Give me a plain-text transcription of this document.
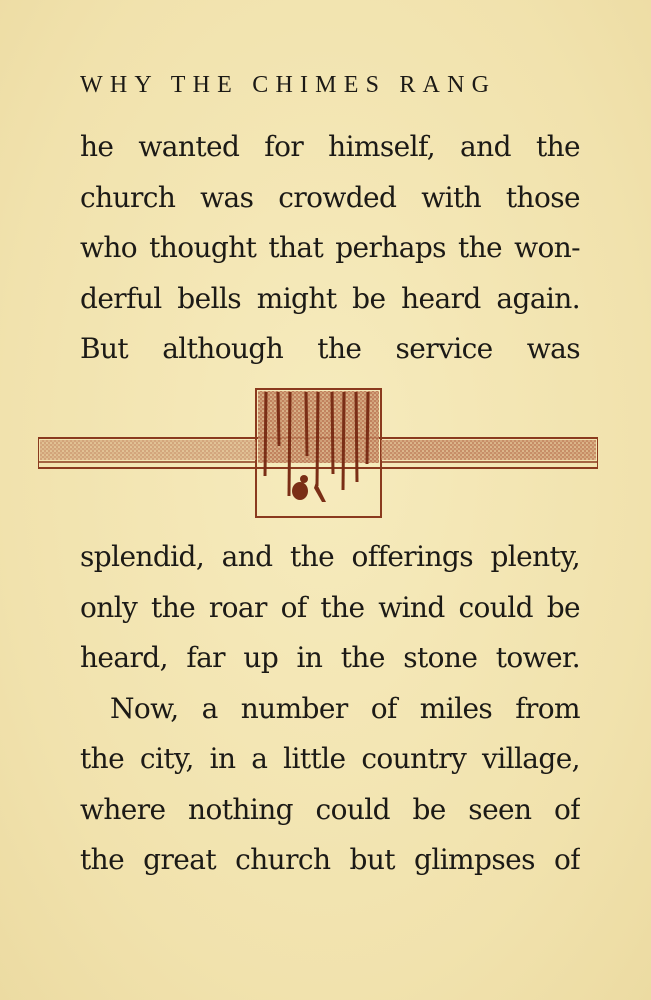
WHY THE CHIMES RANG
he wanted for himself, and the
church was crowded with those
who thought that perhaps the won-
derful bells might be heard again.
But although the service was
splendid, and the offerings plenty,
only the roar of the wind could be
heard, far up in the stone tower.
Now, a number of miles from
the city, in a little country village,
where nothing could be seen of
the great church but glimpses of
